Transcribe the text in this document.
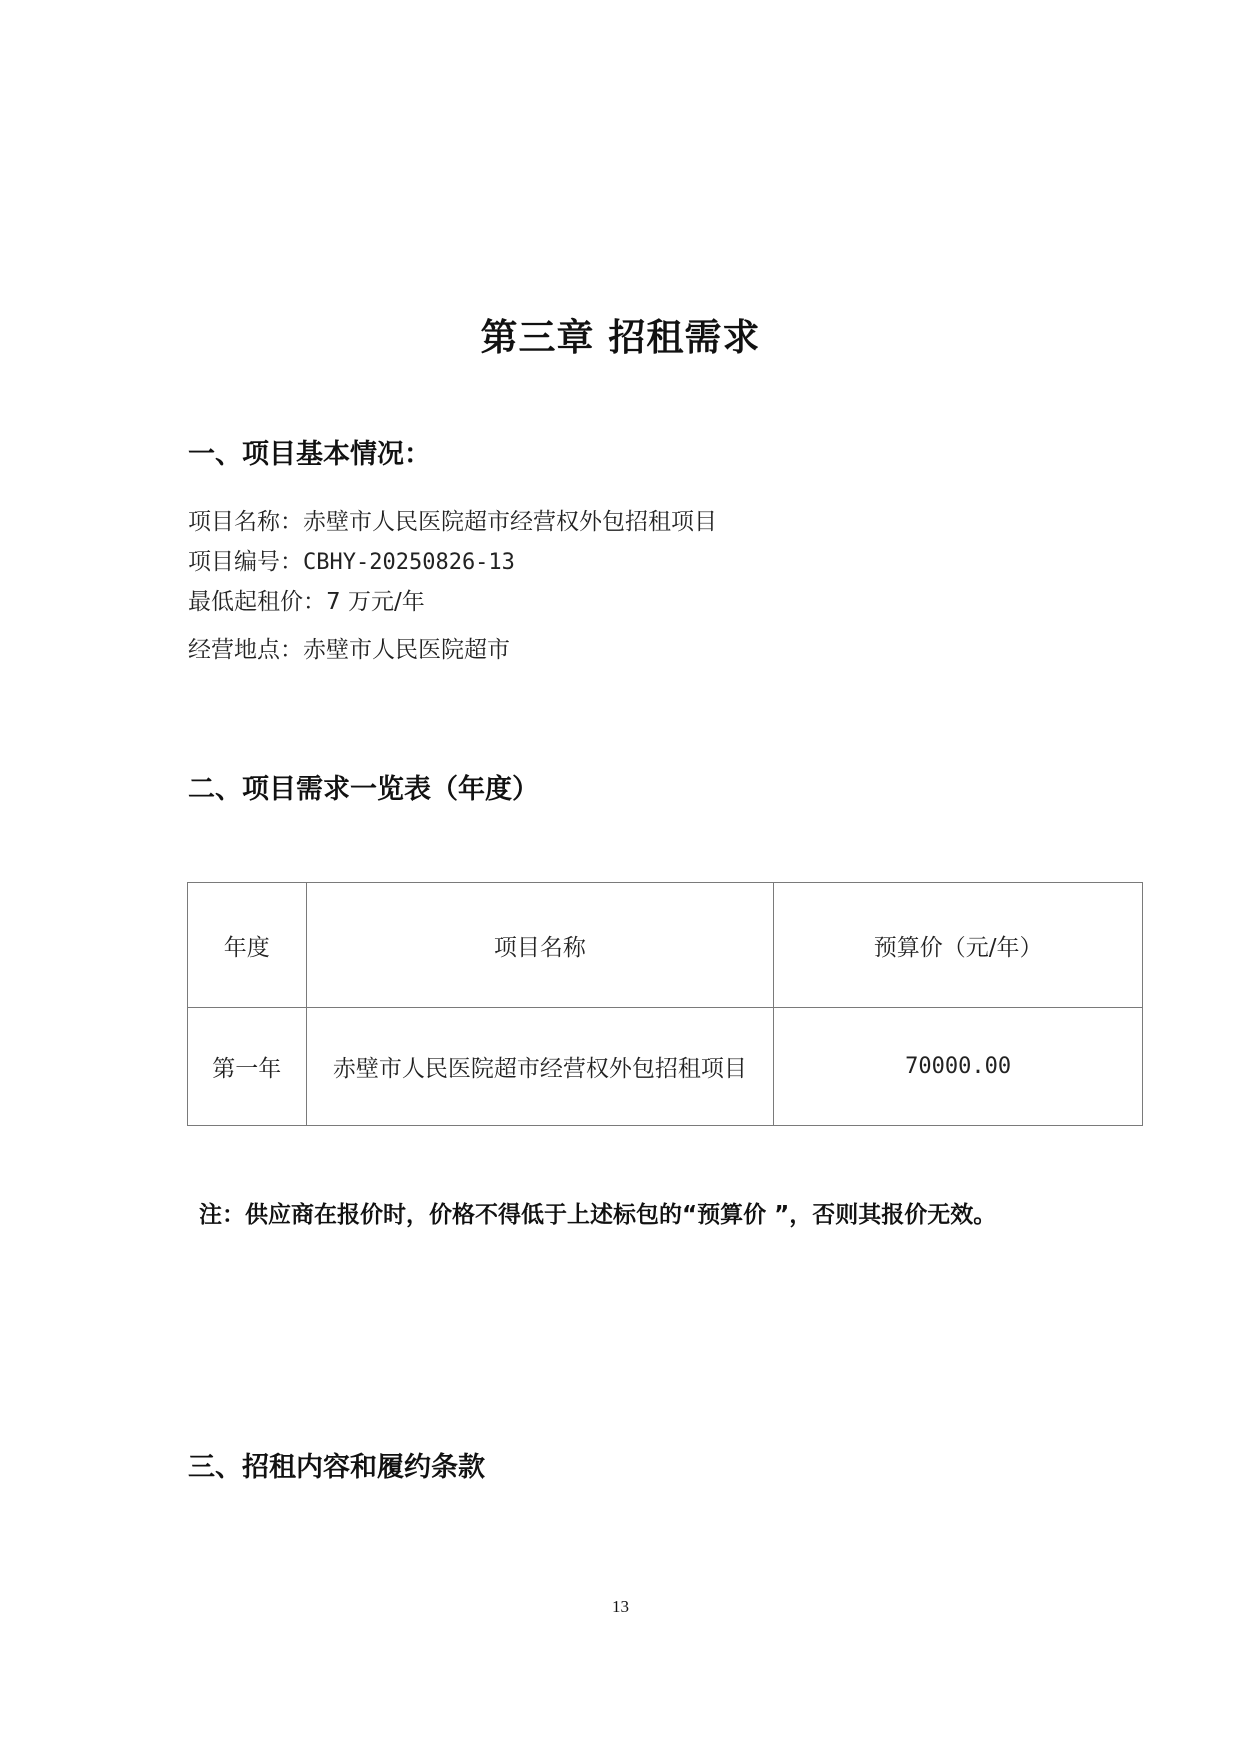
第三章 招租需求
一、项目基本情况：
项目名称：赤壁市人民医院超市经营权外包招租项目
项目编号：CBHY-20250826-13
最低起租价：7 万元/年
经营地点：赤壁市人民医院超市
二、项目需求一览表（年度）
年度	项目名称	预算价（元/年）
第一年	赤壁市人民医院超市经营权外包招租项目	70000.00
注：供应商在报价时，价格不得低于上述标包的“预算价 ”，否则其报价无效。
三、招租内容和履约条款
13
